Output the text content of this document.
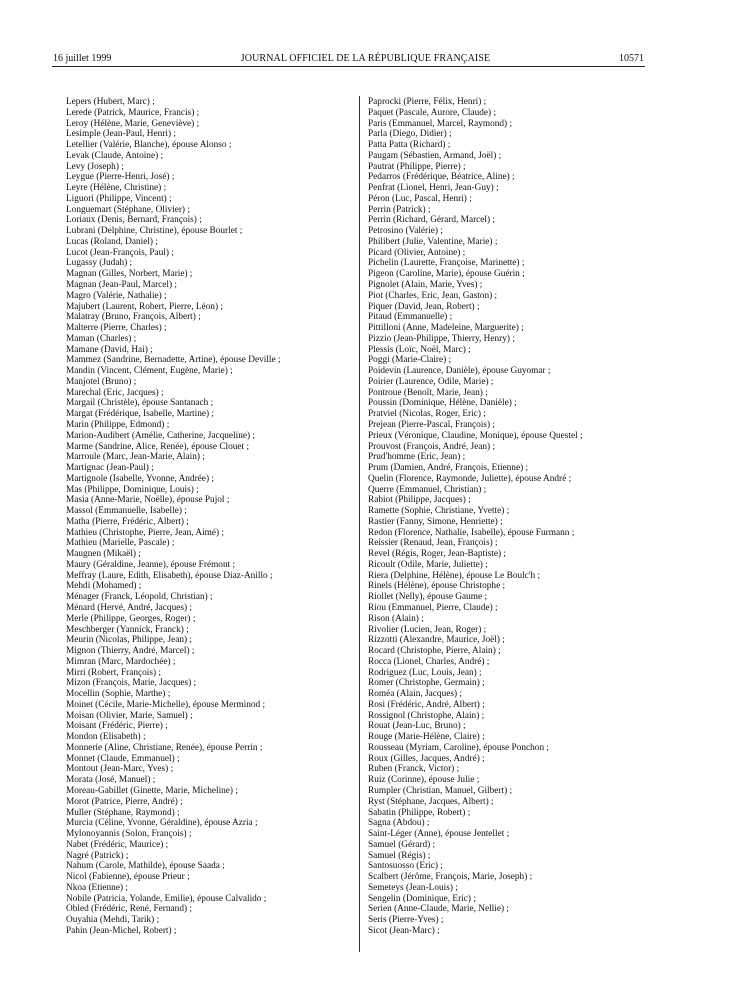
JOURNAL OFFICIEL DE LA RÉPUBLIQUE FRANÇAISE
16 juillet 1999	10571
Lepers (Hubert, Marc) ;
Lerede (Patrick, Maurice, Francis) ;
Leroy (Hélène, Marie, Geneviève) ;
Lesimple (Jean-Paul, Henri) ;
Letellier (Valérie, Blanche), épouse Alonso ;
Levak (Claude, Antoine) ;
Levy (Joseph) ;
Leygue (Pierre-Henri, José) ;
Leyre (Hélène, Christine) ;
Liguori (Philippe, Vincent) ;
Longuemart (Stéphane, Olivier) ;
Loriaux (Denis, Bernard, François) ;
Lubrani (Delphine, Christine), épouse Bourlet ;
Lucas (Roland, Daniel) ;
Lucot (Jean-François, Paul) ;
Lugassy (Judah) ;
Magnan (Gilles, Norbert, Marie) ;
Magnan (Jean-Paul, Marcel) ;
Magro (Valérie, Nathalie) ;
Majubert (Laurent, Robert, Pierre, Léon) ;
Malatray (Bruno, François, Albert) ;
Malterre (Pierre, Charles) ;
Maman (Charles) ;
Mamane (David, Hai) ;
Mammez (Sandrine, Bernadette, Artine), épouse Deville ;
Mandin (Vincent, Clément, Eugène, Marie) ;
Manjotel (Bruno) ;
Marechal (Eric, Jacques) ;
Margail (Christèle), épouse Santanach ;
Margat (Frédérique, Isabelle, Martine) ;
Marin (Philippe, Edmond) ;
Marion-Audibert (Amélie, Catherine, Jacqueline) ;
Marme (Sandrine, Alice, Renée), épouse Clouet ;
Marroule (Marc, Jean-Marie, Alain) ;
Martignac (Jean-Paul) ;
Martignole (Isabelle, Yvonne, Andrée) ;
Mas (Philippe, Dominique, Louis) ;
Masia (Anne-Marie, Noëlle), épouse Pujol ;
Massol (Emmanuelle, Isabelle) ;
Matha (Pierre, Frédéric, Albert) ;
Mathieu (Christophe, Pierre, Jean, Aimé) ;
Mathieu (Marielle, Pascale) ;
Maugnen (Mikaël) ;
Maury (Géraldine, Jeanne), épouse Frémont ;
Meffray (Laure, Edith, Elisabeth), épouse Diaz-Anillo ;
Mehdi (Mohamed) ;
Ménager (Franck, Léopold, Christian) ;
Ménard (Hervé, André, Jacques) ;
Merle (Philippe, Georges, Roger) ;
Meschberger (Yannick, Franck) ;
Meurin (Nicolas, Philippe, Jean) ;
Mignon (Thierry, André, Marcel) ;
Mimran (Marc, Mardochée) ;
Mirri (Robert, François) ;
Mizon (François, Marie, Jacques) ;
Mocellin (Sophie, Marthe) ;
Moinet (Cécile, Marie-Michelle), épouse Merminod ;
Moisan (Olivier, Marie, Samuel) ;
Moisant (Frédéric, Pierre) ;
Mondon (Elisabeth) ;
Monnerie (Aline, Christiane, Renée), épouse Perrin ;
Monnet (Claude, Emmanuel) ;
Montout (Jean-Marc, Yves) ;
Morata (José, Manuel) ;
Moreau-Gabillet (Ginette, Marie, Micheline) ;
Morot (Patrice, Pierre, André) ;
Muller (Stéphane, Raymond) ;
Murcia (Céline, Yvonne, Géraldine), épouse Azria ;
Mylonoyannis (Solon, François) ;
Nabet (Frédéric, Maurice) ;
Nagré (Patrick) ;
Nahum (Carole, Mathilde), épouse Saada ;
Nicol (Fabienne), épouse Prieur ;
Nkoa (Etienne) ;
Nobile (Patricia, Yolande, Emilie), épouse Calvalido ;
Obled (Frédéric, René, Fernand) ;
Ouyahia (Mehdi, Tarik) ;
Pahin (Jean-Michel, Robert) ;
Paprocki (Pierre, Félix, Henri) ;
Paquet (Pascale, Aurore, Claude) ;
Paris (Emmanuel, Marcel, Raymond) ;
Parla (Diego, Didier) ;
Patta Patta (Richard) ;
Paugam (Sébastien, Armand, Joël) ;
Pautrat (Philippe, Pierre) ;
Pedarros (Frédérique, Béatrice, Aline) ;
Penfrat (Lionel, Henri, Jean-Guy) ;
Péron (Luc, Pascal, Henri) ;
Perrin (Patrick) ;
Perrin (Richard, Gérard, Marcel) ;
Petrosino (Valérie) ;
Philibert (Julie, Valentine, Marie) ;
Picard (Olivier, Antoine) ;
Pichelin (Laurette, Françoise, Marinette) ;
Pigeon (Caroline, Marie), épouse Guérin ;
Pignolet (Alain, Marie, Yves) ;
Piot (Charles, Eric, Jean, Gaston) ;
Piquer (David, Jean, Robert) ;
Pitaud (Emmanuelle) ;
Pittilloni (Anne, Madeleine, Marguerite) ;
Pizzio (Jean-Philippe, Thierry, Henry) ;
Plessis (Loïc, Noël, Marc) ;
Poggi (Marie-Claire) ;
Poidevin (Laurence, Danièle), épouse Guyomar ;
Poirier (Laurence, Odile, Marie) ;
Pontroue (Benoît, Marie, Jean) ;
Poussin (Dominique, Hélène, Danièle) ;
Pratviel (Nicolas, Roger, Eric) ;
Prejean (Pierre-Pascal, François) ;
Prieux (Véronique, Claudine, Monique), épouse Questel ;
Prouvost (François, André, Jean) ;
Prud'homme (Eric, Jean) ;
Prum (Damien, André, François, Etienne) ;
Quelin (Florence, Raymonde, Juliette), épouse André ;
Querre (Emmanuel, Christian) ;
Rabiot (Philippe, Jacques) ;
Ramette (Sophie, Christiane, Yvette) ;
Rastier (Fanny, Simone, Henriette) ;
Redon (Florence, Nathalie, Isabelle), épouse Furmann ;
Reissier (Renaud, Jean, François) ;
Revel (Régis, Roger, Jean-Baptiste) ;
Ricoult (Odile, Marie, Juliette) ;
Riera (Delphine, Hélène), épouse Le Boulc'h ;
Rinels (Hélène), épouse Christophe ;
Riollet (Nelly), épouse Gaume ;
Riou (Emmanuel, Pierre, Claude) ;
Rison (Alain) ;
Rivolier (Lucien, Jean, Roger) ;
Rizzotti (Alexandre, Maurice, Joël) ;
Rocard (Christophe, Pierre, Alain) ;
Rocca (Lionel, Charles, André) ;
Rodriguez (Luc, Louis, Jean) ;
Romer (Christophe, Germain) ;
Roméa (Alain, Jacques) ;
Rosi (Frédéric, André, Albert) ;
Rossignol (Christophe, Alain) ;
Rouat (Jean-Luc, Bruno) ;
Rouge (Marie-Hélène, Claire) ;
Rousseau (Myriam, Caroline), épouse Ponchon ;
Roux (Gilles, Jacques, André) ;
Ruben (Franck, Victor) ;
Ruiz (Corinne), épouse Julie ;
Rumpler (Christian, Manuel, Gilbert) ;
Ryst (Stéphane, Jacques, Albert) ;
Sabatin (Philippe, Robert) ;
Sagna (Abdou) ;
Saint-Léger (Anne), épouse Jentellet ;
Samuel (Gérard) ;
Samuel (Régis) ;
Santosuosso (Eric) ;
Scalbert (Jérôme, François, Marie, Joseph) ;
Semeteys (Jean-Louis) ;
Sengelin (Dominique, Eric) ;
Serien (Anne-Claude, Marie, Nellie) ;
Seris (Pierre-Yves) ;
Sicot (Jean-Marc) ;
